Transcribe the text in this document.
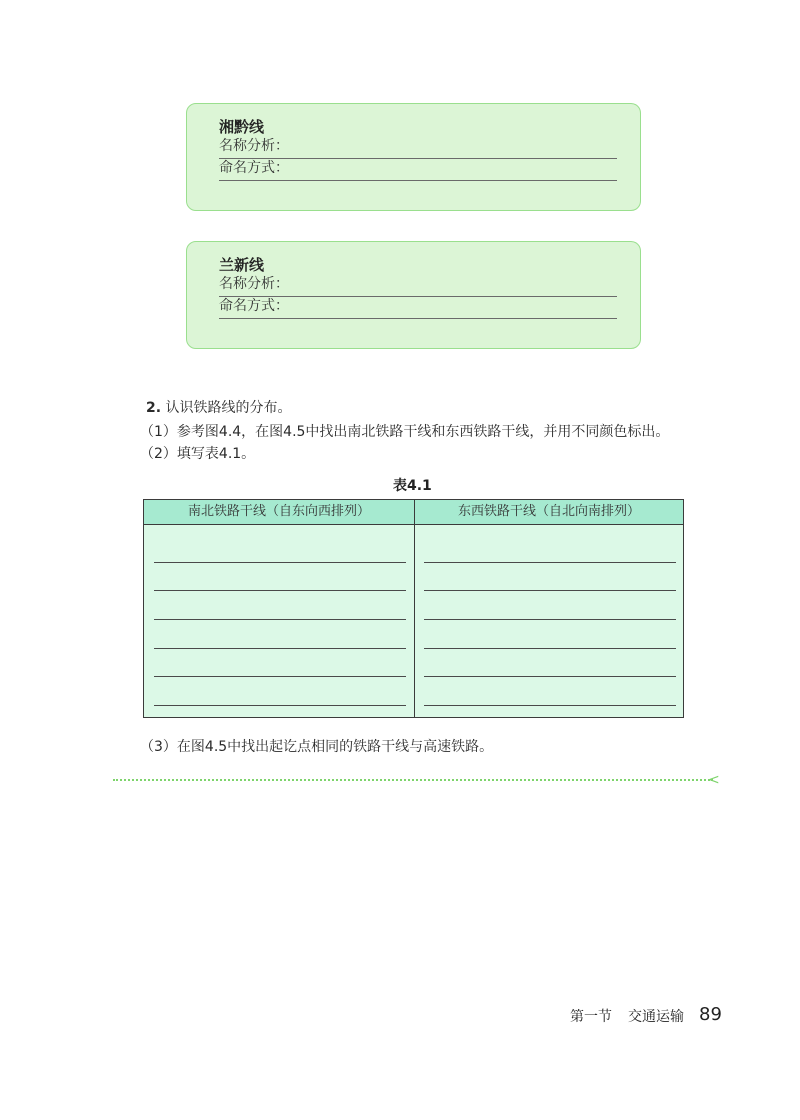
湘黔线
名称分析：
命名方式：
兰新线
名称分析：
命名方式：
2. 认识铁路线的分布。
（1）参考图4.4，在图4.5中找出南北铁路干线和东西铁路干线，并用不同颜色标出。
（2）填写表4.1。
表4.1
南北铁路干线（自东向西排列）	东西铁路干线（自北向南排列）
（3）在图4.5中找出起讫点相同的铁路干线与高速铁路。
<
第一节 交通运输 89
